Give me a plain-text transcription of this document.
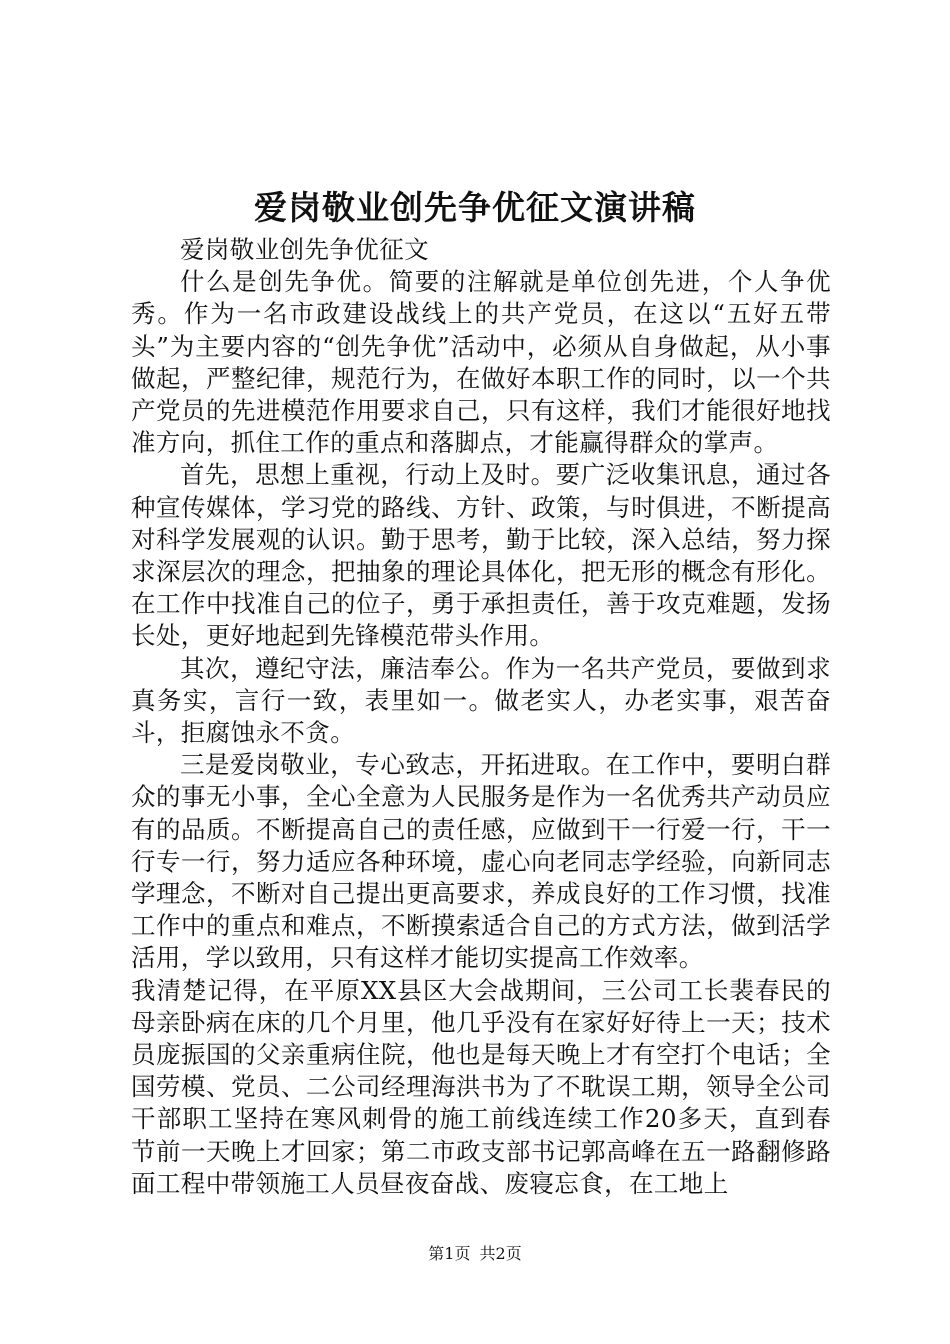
爱岗敬业创先争优征文演讲稿

爱岗敬业创先争优征文

什么是创先争优。简要的注解就是单位创先进，个人争优秀。作为一名市政建设战线上的共产党员，在这以“五好五带头”为主要内容的“创先争优”活动中，必须从自身做起，从小事做起，严整纪律，规范行为，在做好本职工作的同时，以一个共产党员的先进模范作用要求自己，只有这样，我们才能很好地找准方向，抓住工作的重点和落脚点，才能赢得群众的掌声。

首先，思想上重视，行动上及时。要广泛收集讯息，通过各种宣传媒体，学习党的路线、方针、政策，与时俱进，不断提高对科学发展观的认识。勤于思考，勤于比较，深入总结，努力探求深层次的理念，把抽象的理论具体化，把无形的概念有形化。在工作中找准自己的位子，勇于承担责任，善于攻克难题，发扬长处，更好地起到先锋模范带头作用。

其次，遵纪守法，廉洁奉公。作为一名共产党员，要做到求真务实，言行一致，表里如一。做老实人，办老实事，艰苦奋斗，拒腐蚀永不贪。

三是爱岗敬业，专心致志，开拓进取。在工作中，要明白群众的事无小事，全心全意为人民服务是作为一名优秀共产动员应有的品质。不断提高自己的责任感，应做到干一行爱一行，干一行专一行，努力适应各种环境，虚心向老同志学经验，向新同志学理念，不断对自己提出更高要求，养成良好的工作习惯，找准工作中的重点和难点，不断摸索适合自己的方式方法，做到活学活用，学以致用，只有这样才能切实提高工作效率。

我清楚记得，在平原XX县区大会战期间，三公司工长裴春民的母亲卧病在床的几个月里，他几乎没有在家好好待上一天；技术员庞振国的父亲重病住院，他也是每天晚上才有空打个电话；全国劳模、党员、二公司经理海洪书为了不耽误工期，领导全公司干部职工坚持在寒风刺骨的施工前线连续工作20多天，直到春节前一天晚上才回家；第二市政支部书记郭高峰在五一路翻修路面工程中带领施工人员昼夜奋战、废寝忘食，在工地上

第1页 共2页
